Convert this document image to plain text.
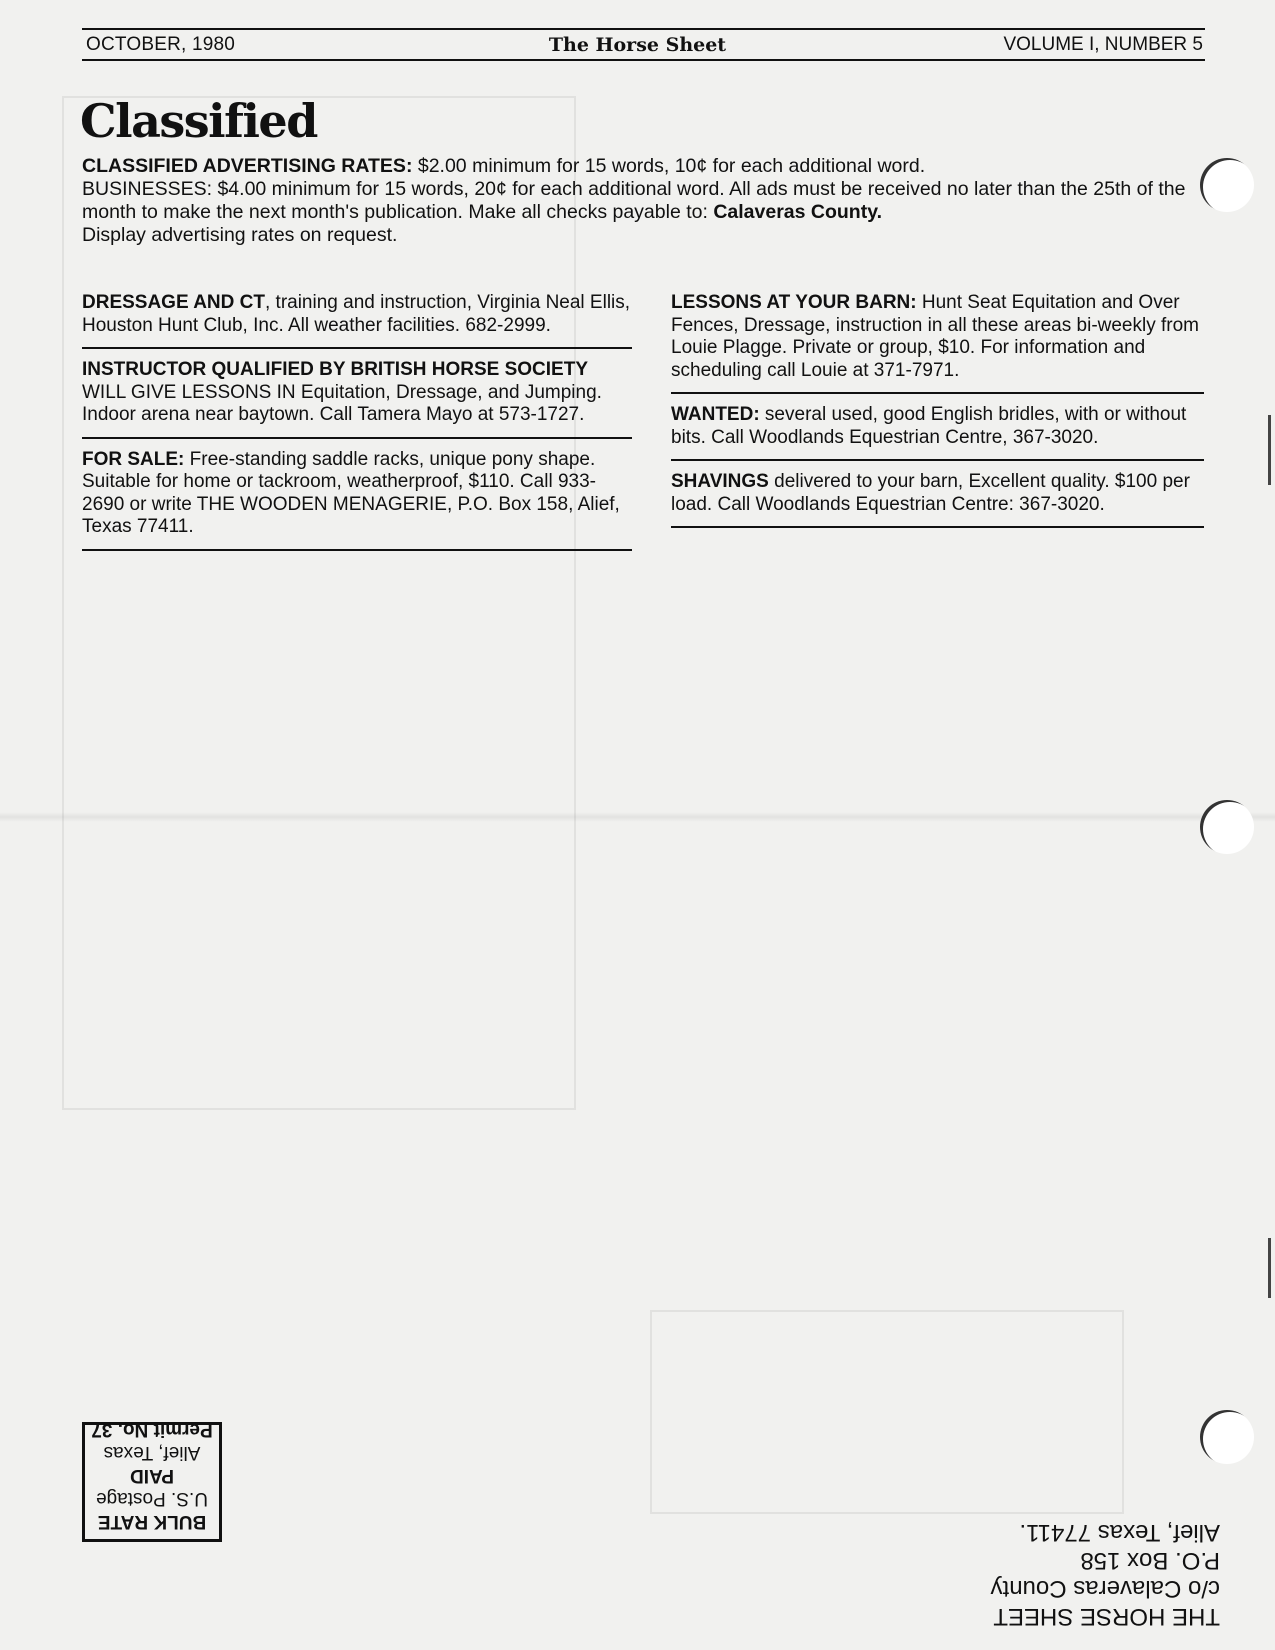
OCTOBER, 1980	The Horse Sheet	VOLUME I, NUMBER 5
Classified

CLASSIFIED ADVERTISING RATES: $2.00 minimum for 15 words, 10¢ for each additional word.

BUSINESSES: $4.00 minimum for 15 words, 20¢ for each additional word. All ads must be received no later than the 25th of the month to make the next month's publication. Make all checks payable to: Calaveras County.

Display advertising rates on request.

DRESSAGE AND CT, training and instruction, Virginia Neal Ellis, Houston Hunt Club, Inc. All weather facilities. 682-2999.

INSTRUCTOR QUALIFIED BY BRITISH HORSE SOCIETY WILL GIVE LESSONS IN Equitation, Dressage, and Jumping. Indoor arena near baytown. Call Tamera Mayo at 573-1727.

FOR SALE: Free-standing saddle racks, unique pony shape. Suitable for home or tackroom, weatherproof, $110. Call 933-2690 or write THE WOODEN MENAGERIE, P.O. Box 158, Alief, Texas 77411.

LESSONS AT YOUR BARN: Hunt Seat Equitation and Over Fences, Dressage, instruction in all these areas bi-weekly from Louie Plagge. Private or group, $10. For information and scheduling call Louie at 371-7971.

WANTED: several used, good English bridles, with or without bits. Call Woodlands Equestrian Centre, 367-3020.

SHAVINGS delivered to your barn, Excellent quality. $100 per load. Call Woodlands Equestrian Centre: 367-3020.

BULK RATE

U.S. Postage

PAID

Alief, Texas

Permit No. 37

THE HORSE SHEET

c/o Calaveras County

P.O. Box 158

Alief, Texas 77411.
